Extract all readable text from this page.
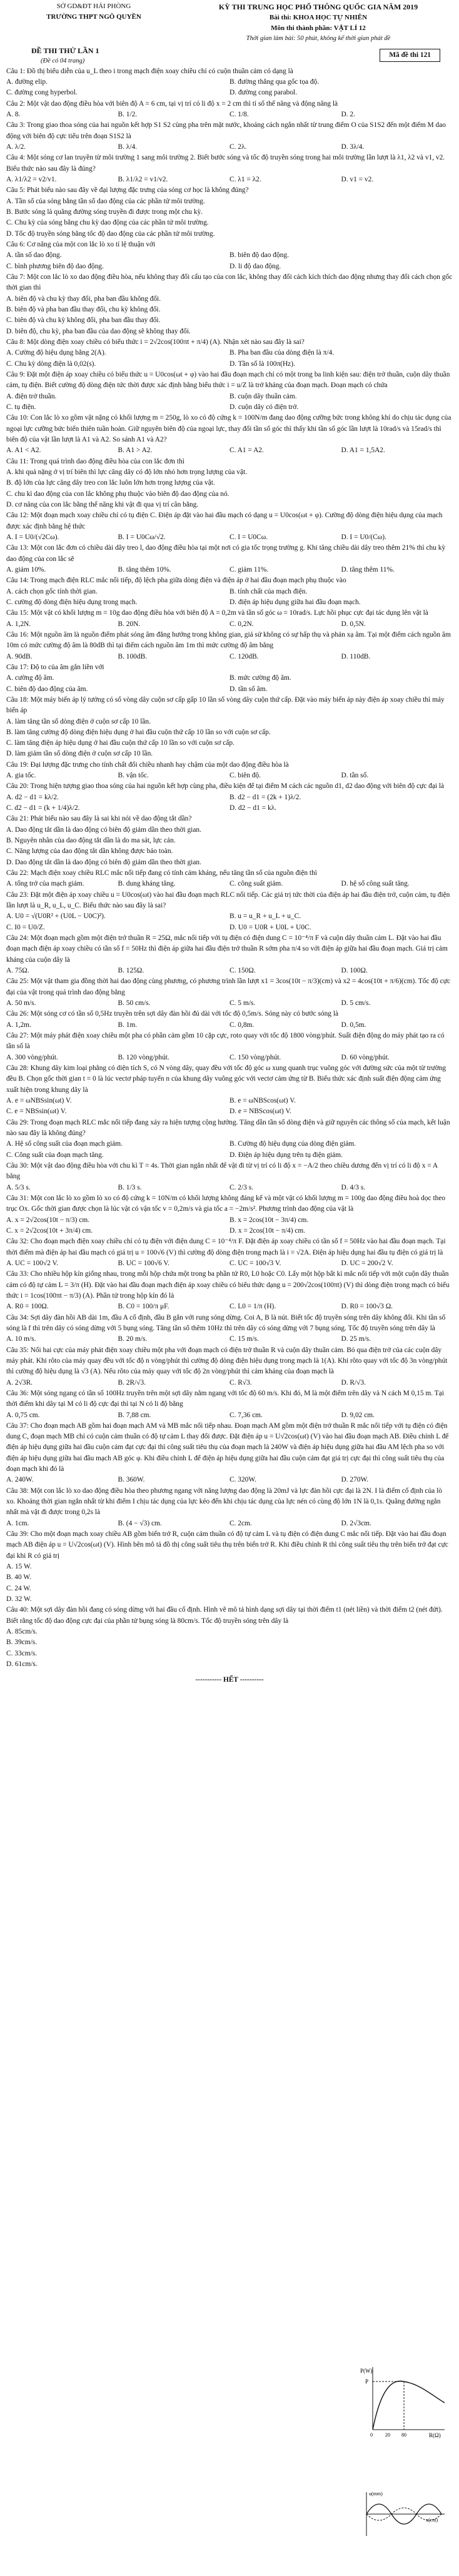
SỞ GD&ĐT HẢI PHÒNG
TRƯỜNG THPT NGÔ QUYỀN
KỲ THI TRUNG HỌC PHỔ THÔNG QUỐC GIA NĂM 2019
Bài thi: KHOA HỌC TỰ NHIÊN
Môn thi thành phần: VẬT LÍ 12
Thời gian làm bài: 50 phút, không kể thời gian phát đề
ĐỀ THI THỬ LẦN 1
(Đề có 04 trang)
Mã đề thi 121
Câu 1: Đồ thị biểu diễn của u_L theo i trong mạch điện xoay chiều chỉ có cuộn thuần cảm có dạng là
A. đường elip.	B. đường thẳng qua gốc tọa độ.
C. đường cong hyperbol.	D. đường cong parabol.
Câu 2: Một vật dao động điều hòa với biên độ A = 6 cm, tại vị trí có li độ x = 2 cm thì tỉ số thế năng và động năng là
A. 8.	B. 1/2.	C. 1/8.	D. 2.
Câu 3: Trong giao thoa sóng của hai nguồn kết hợp S1 S2 cùng pha trên mặt nước, khoảng cách ngắn nhất từ trung điểm O của S1S2 đến một điểm M dao động với biên độ cực tiểu trên đoạn S1S2 là
A. λ/2.	B. λ/4.	C. 2λ.	D. 3λ/4.
Câu 4: Một sóng cơ lan truyền từ môi trường 1 sang môi trường 2. Biết bước sóng và tốc độ truyền sóng trong hai môi trường lần lượt là λ1, λ2 và v1, v2. Biểu thức nào sau đây là đúng?
A. λ1/λ2 = v2/v1.	B. λ1/λ2 = v1/v2.	C. λ1 = λ2.	D. v1 = v2.
Câu 5: Phát biểu nào sau đây về đại lượng đặc trưng của sóng cơ học là không đúng?
A. Tần số của sóng bằng tần số dao động của các phần tử môi trường.
B. Bước sóng là quãng đường sóng truyền đi được trong một chu kỳ.
C. Chu kỳ của sóng bằng chu kỳ dao động của các phần tử môi trường.
D. Tốc độ truyền sóng bằng tốc độ dao động của các phần tử môi trường.
Câu 6: Cơ năng của một con lắc lò xo tỉ lệ thuận với
A. tần số dao động.	B. biên độ dao động.
C. bình phương biên độ dao động.	D. li độ dao động.
Câu 7: Một con lắc lò xo dao động điều hòa, nếu không thay đổi cấu tạo của con lắc, không thay đổi cách kích thích dao động nhưng thay đổi cách chọn gốc thời gian thì
A. biên độ và chu kỳ thay đổi, pha ban đầu không đổi.
B. biên độ và pha ban đầu thay đổi, chu kỳ không đổi.
C. biên độ và chu kỳ không đổi, pha ban đầu thay đổi.
D. biên độ, chu kỳ, pha ban đầu của dao động sẽ không thay đổi.
Câu 8: Một dòng điện xoay chiều có biểu thức i = 2√2cos(100πt + π/4) (A). Nhận xét nào sau đây là sai?
A. Cường độ hiệu dụng bằng 2(A).	B. Pha ban đầu của dòng điện là π/4.
C. Chu kỳ dòng điện là 0,02(s).	D. Tần số là 100π(Hz).
Câu 9: Đặt một điện áp xoay chiều có biểu thức u = U0cos(ωt + φ) vào hai đầu đoạn mạch chỉ có một trong ba linh kiện sau: điện trở thuần, cuộn dây thuần cảm, tụ điện. Biết cường độ dòng điện tức thời được xác định bằng biểu thức i = u/Z là trở kháng của đoạn mạch. Đoạn mạch có chứa
A. điện trở thuần.	B. cuộn dây thuần cảm.
C. tụ điện.	D. cuộn dây có điện trở.
Câu 10: Con lắc lò xo gồm vật nặng có khối lượng m = 250g, lò xo có độ cứng k = 100N/m đang dao động cưỡng bức trong không khí do chịu tác dụng của ngoại lực cưỡng bức biến thiên tuần hoàn. Giữ nguyên biên độ của ngoại lực, thay đổi tần số góc thì thấy khi tần số góc lần lượt là 10rad/s và 15rad/s thì biên độ của vật lần lượt là A1 và A2. So sánh A1 và A2?
A. A1 < A2.	B. A1 > A2.	C. A1 = A2.	D. A1 = 1,5A2.
Câu 11: Trong quá trình dao động điều hòa của con lắc đơn thì
A. khi quả nặng ở vị trí biên thì lực căng dây có độ lớn nhỏ hơn trọng lượng của vật.
B. độ lớn của lực căng dây treo con lắc luôn lớn hơn trọng lượng của vật.
C. chu kì dao động của con lắc không phụ thuộc vào biên độ dao động của nó.
D. cơ năng của con lắc bằng thế năng khi vật đi qua vị trí cân bằng.
Câu 12: Một đoạn mạch xoay chiều chỉ có tụ điện C. Điện áp đặt vào hai đầu mạch có dạng u = U0cos(ωt + φ). Cường độ dòng điện hiệu dụng của mạch được xác định bằng hệ thức
A. I = U0/(√2Cω).	B. I = U0Cω/√2.	C. I = U0Cω.	D. I = U0/(Cω).
Câu 13: Một con lắc đơn có chiều dài dây treo l, dao động điều hòa tại một nơi có gia tốc trọng trường g. Khi tăng chiều dài dây treo thêm 21% thì chu kỳ dao động của con lắc sẽ
A. giảm 10%.	B. tăng thêm 10%.	C. giảm 11%.	D. tăng thêm 11%.
Câu 14: Trong mạch điện RLC mắc nối tiếp, độ lệch pha giữa dòng điện và điện áp ở hai đầu đoạn mạch phụ thuộc vào
A. cách chọn gốc tính thời gian.	B. tính chất của mạch điện.
C. cường độ dòng điện hiệu dụng trong mạch.	D. điện áp hiệu dụng giữa hai đầu đoạn mạch.
Câu 15: Một vật có khối lượng m = 10g dao động điều hòa với biên độ A = 0,2m và tần số góc ω = 10rad/s. Lực hồi phục cực đại tác dụng lên vật là
A. 1,2N.	B. 20N.	C. 0,2N.	D. 0,5N.
Câu 16: Một nguồn âm là nguồn điểm phát sóng âm đẳng hướng trong không gian, giả sử không có sự hấp thụ và phản xạ âm. Tại một điểm cách nguồn âm 10m có mức cường độ âm là 80dB thì tại điểm cách nguồn âm 1m thì mức cường độ âm bằng
A. 90dB.	B. 100dB.	C. 120dB.	D. 110dB.
Câu 17: Độ to của âm gắn liền với
A. cường độ âm.	B. mức cường độ âm.
C. biên độ dao động của âm.	D. tần số âm.
Câu 18: Một máy biến áp lý tưởng có số vòng dây cuộn sơ cấp gấp 10 lần số vòng dây cuộn thứ cấp. Đặt vào máy biến áp này điện áp xoay chiều thì máy biến áp
A. làm tăng tần số dòng điện ở cuộn sơ cấp 10 lần.
B. làm tăng cường độ dòng điện hiệu dụng ở hai đầu cuộn thứ cấp 10 lần so với cuộn sơ cấp.
C. làm tăng điện áp hiệu dụng ở hai đầu cuộn thứ cấp 10 lần so với cuộn sơ cấp.
D. làm giảm tần số dòng điện ở cuộn sơ cấp 10 lần.
Câu 19: Đại lượng đặc trưng cho tính chất đổi chiều nhanh hay chậm của một dao động điều hòa là
A. gia tốc.	B. vận tốc.	C. biên độ.	D. tần số.
Câu 20: Trong hiện tượng giao thoa sóng của hai nguồn kết hợp cùng pha, điều kiện để tại điểm M cách các nguồn d1, d2 dao động với biên độ cực đại là
A. d2 − d1 = kλ/2.	B. d2 − d1 = (2k + 1)λ/2.
C. d2 − d1 = (k + 1/4)λ/2.	D. d2 − d1 = kλ.
Câu 21: Phát biểu nào sau đây là sai khi nói về dao động tắt dần?
A. Dao động tắt dần là dao động có biên độ giảm dần theo thời gian.
B. Nguyên nhân của dao động tắt dần là do ma sát, lực cản.
C. Năng lượng của dao động tắt dần không được bảo toàn.
D. Dao động tắt dần là dao động có biên độ giảm dần theo thời gian.
Câu 22: Mạch điện xoay chiều RLC mắc nối tiếp đang có tính cảm kháng, nếu tăng tần số của nguồn điện thì
A. tổng trở của mạch giảm.	B. dung kháng tăng.	C. công suất giảm.	D. hệ số công suất tăng.
Câu 23: Đặt một điện áp xoay chiều u = U0cos(ωt) vào hai đầu đoạn mạch RLC nối tiếp. Các giá trị tức thời của điện áp hai đầu điện trở, cuộn cảm, tụ điện lần lượt là u_R, u_L, u_C. Biểu thức nào sau đây là sai?
A. U0 = √(U0R² + (U0L − U0C)²).	B. u = u_R + u_L + u_C.
C. I0 = U0/Z.	D. U0 = U0R + U0L + U0C.
Câu 24: Một đoạn mạch gồm một điện trở thuần R = 25Ω, mắc nối tiếp với tụ điện có điện dung C = 10⁻⁴/π F và cuộn dây thuần cảm L. Đặt vào hai đầu đoạn mạch điện áp xoay chiều có tần số f = 50Hz thì điện áp giữa hai đầu điện trở thuần R sớm pha π/4 so với điện áp giữa hai đầu đoạn mạch. Giá trị cảm kháng của cuộn dây là
A. 75Ω.	B. 125Ω.	C. 150Ω.	D. 100Ω.
Câu 25: Một vật tham gia đồng thời hai dao động cùng phương, có phương trình lần lượt x1 = 3cos(10t − π/3)(cm) và x2 = 4cos(10t + π/6)(cm). Tốc độ cực đại của vật trong quá trình dao động bằng
A. 50 m/s.	B. 50 cm/s.	C. 5 m/s.	D. 5 cm/s.
Câu 26: Một sóng cơ có tần số 0,5Hz truyền trên sợi dây đàn hồi đủ dài với tốc độ 0,5m/s. Sóng này có bước sóng là
A. 1,2m.	B. 1m.	C. 0,8m.	D. 0,5m.
Câu 27: Một máy phát điện xoay chiều một pha có phần cảm gồm 10 cặp cực, roto quay với tốc độ 1800 vòng/phút. Suất điện động do máy phát tạo ra có tần số là
A. 300 vòng/phút.	B. 120 vòng/phút.	C. 150 vòng/phút.	D. 60 vòng/phút.
Câu 28: Khung dây kim loại phẳng có diện tích S, có N vòng dây, quay đều với tốc độ góc ω xung quanh trục vuông góc với đường sức của một từ trường đều B. Chọn gốc thời gian t = 0 là lúc vectơ pháp tuyến n của khung dây vuông góc với vectơ cảm ứng từ B. Biểu thức xác định suất điện động cảm ứng xuất hiện trong khung dây là
A. e = ωNBSsin(ωt) V.	B. e = ωNBScos(ωt) V.
C. e = NBSsin(ωt) V.	D. e = NBScos(ωt) V.
Câu 29: Trong đoạn mạch RLC mắc nối tiếp đang xảy ra hiện tượng cộng hưởng. Tăng dần tần số dòng điện và giữ nguyên các thông số của mạch, kết luận nào sau đây là không đúng?
A. Hệ số công suất của đoạn mạch giảm.	B. Cường độ hiệu dụng của dòng điện giảm.
C. Công suất của đoạn mạch tăng.	D. Điện áp hiệu dụng trên tụ điện giảm.
Câu 30: Một vật dao động điều hòa với chu kì T = 4s. Thời gian ngắn nhất để vật đi từ vị trí có li độ x = −A/2 theo chiều dương đến vị trí có li độ x = A bằng
A. 5/3 s.	B. 1/3 s.	C. 2/3 s.	D. 4/3 s.
Câu 31: Một con lắc lò xo gồm lò xo có độ cứng k = 10N/m có khối lượng không đáng kể và một vật có khối lượng m = 100g dao động điều hoà dọc theo trục Ox. Gốc thời gian được chọn là lúc vật có vận tốc v = 0,2m/s và gia tốc a = −2m/s². Phương trình dao động của vật là
A. x = 2√2cos(10t − π/3) cm.	B. x = 2cos(10t − 3π/4) cm.
C. x = 2√2cos(10t + 3π/4) cm.	D. x = 2cos(10t − π/4) cm.
Câu 32: Cho đoạn mạch điện xoay chiều chỉ có tụ điện với điện dung C = 10⁻⁴/π F. Đặt điện áp xoay chiều có tần số f = 50Hz vào hai đầu đoạn mạch. Tại thời điểm mà điện áp hai đầu mạch có giá trị u = 100√6 (V) thì cường độ dòng điện trong mạch là i = √2A. Điện áp hiệu dụng hai đầu tụ điện có giá trị là
A. UC = 100√2 V.	B. UC = 100√6 V.	C. UC = 100√3 V.	D. UC = 200√2 V.
Câu 33: Cho nhiều hộp kín giống nhau, trong mỗi hộp chứa một trong ba phần tử R0, L0 hoặc C0. Lấy một hộp bất kì mắc nối tiếp với một cuộn dây thuần cảm có độ tự cảm L = 3/π (H). Đặt vào hai đầu đoạn mạch điện áp xoay chiều có biểu thức dạng u = 200√2cos(100πt) (V) thì dòng điện trong mạch có biểu thức i = 1cos(100πt − π/3) (A). Phần tử trong hộp kín đó là
A. R0 = 100Ω.	B. C0 = 100/π μF.	C. L0 = 1/π (H).	D. R0 = 100√3 Ω.
Câu 34: Sợi dây đàn hồi AB dài 1m, đầu A cố định, đầu B gắn với rung sóng dừng. Coi A, B là nút. Biết tốc độ truyền sóng trên dây không đổi. Khi tần số sóng là f thì trên dây có sóng dừng với 5 bụng sóng. Tăng tần số thêm 10Hz thì trên dây có sóng dừng với 7 bụng sóng. Tốc độ truyền sóng trên dây là
A. 10 m/s.	B. 20 m/s.	C. 15 m/s.	D. 25 m/s.
Câu 35: Nối hai cực của máy phát điện xoay chiều một pha với đoạn mạch có điện trở thuần R và cuộn dây thuần cảm. Bỏ qua điện trở của các cuộn dây máy phát. Khi rôto của máy quay đều với tốc độ n vòng/phút thì cường độ dòng điện hiệu dụng trong mạch là 1(A). Khi rôto quay với tốc độ 3n vòng/phút thì cường độ hiệu dụng là √3 (A). Nếu rôto của máy quay với tốc độ 2n vòng/phút thì cảm kháng của đoạn mạch là
A. 2√3R.	B. 2R/√3.	C. R√3.	D. R/√3.
Câu 36: Một sóng ngang có tần số 100Hz truyền trên một sợi dây nằm ngang với tốc độ 60 m/s. Khi đó, M là một điểm trên dây và N cách M 0,15 m. Tại thời điểm khi dây tại M có li độ cực đại thì tại N có li độ bằng
A. 0,75 cm.	B. 7,88 cm.	C. 7,36 cm.	D. 9,02 cm.
Câu 37: Cho đoạn mạch AB gồm hai đoạn mạch AM và MB mắc nối tiếp nhau. Đoạn mạch AM gồm một điện trở thuần R mắc nối tiếp với tụ điện có điện dung C, đoạn mạch MB chỉ có cuộn cảm thuần có độ tự cảm L thay đổi được. Đặt điện áp u = U√2cos(ωt) (V) vào hai đầu đoạn mạch AB. Điều chỉnh L để điện áp hiệu dụng giữa hai đầu cuộn cảm đạt cực đại thì công suất tiêu thụ của đoạn mạch là 240W và điện áp hiệu dụng giữa hai đầu AM lệch pha so với điện áp hiệu dụng giữa hai đầu mạch AB góc φ. Khi điều chỉnh L để điện áp hiệu dụng giữa hai đầu cuộn cảm đạt giá trị cực đại thì công suất tiêu thụ của đoạn mạch khi đó là
A. 240W.	B. 360W.	C. 320W.	D. 270W.
Câu 38: Một con lắc lò xo dao động điều hòa theo phương ngang với năng lượng dao động là 20mJ và lực đàn hồi cực đại là 2N. I là điểm cố định của lò xo. Khoảng thời gian ngắn nhất từ khi điểm I chịu tác dụng của lực kéo đến khi chịu tác dụng của lực nén có cùng độ lớn 1N là 0,1s. Quãng đường ngắn nhất mà vật đi được trong 0,2s là
A. 1cm.	B. (4 − √3) cm.	C. 2cm.	D. 2√3cm.
Câu 39: Cho một đoạn mạch xoay chiều AB gồm biến trở R, cuộn cảm thuần có độ tự cảm L và tụ điện có điện dung C mắc nối tiếp. Đặt vào hai đầu đoạn mạch AB điện áp u = U√2cos(ωt) (V). Hình bên mô tả đồ thị công suất tiêu thụ trên biến trở R. Khi điều chỉnh R thì công suất tiêu thụ trên biến trở đạt cực đại khi R có giá trị
A. 15 W.
B. 40 W.
C. 24 W.
D. 32 W.
Câu 40: Một sợi dây đàn hồi đang có sóng dừng với hai đầu cố định. Hình vẽ mô tả hình dạng sợi dây tại thời điểm t1 (nét liền) và thời điểm t2 (nét đứt). Biết rằng tốc độ dao động cực đại của phần tử bụng sóng là 80cm/s. Tốc độ truyền sóng trên dây là
A. 85cm/s.
B. 39cm/s.
C. 33cm/s.
D. 61cm/s.
----------- HẾT ----------
P(W)
R(Ω)
P
0	20 80
u(mm)
x(cm)
